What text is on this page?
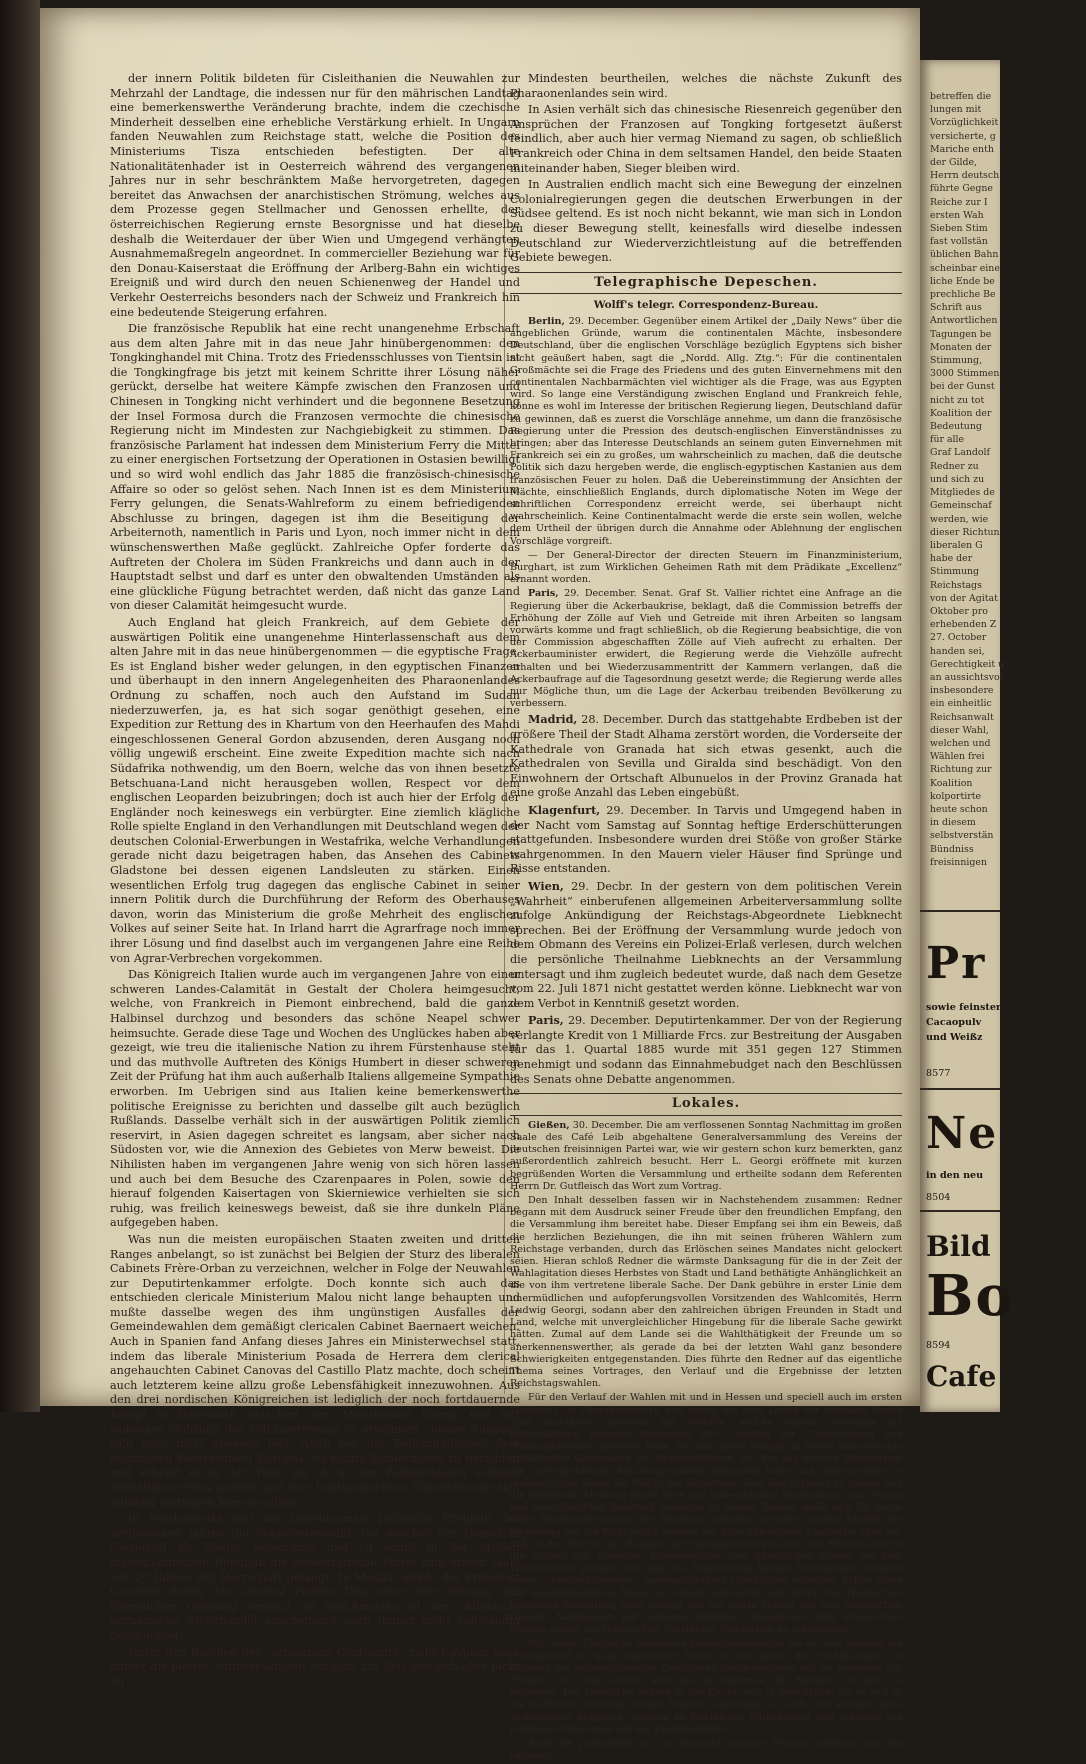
der innern Politik bildeten für Cisleithanien die Neuwahlen zur Mehrzahl der Landtage, die indessen nur für den mährischen Landtag eine bemerkenswerthe Veränderung brachte, indem die czechische Minderheit desselben eine erhebliche Verstärkung erhielt. In Ungarn fanden Neuwahlen zum Reichstage statt, welche die Position des Ministeriums Tisza entschieden befestigten. Der alte Nationalitätenhader ist in Oesterreich während des vergangenen Jahres nur in sehr beschränktem Maße hervorgetreten, dagegen bereitet das Anwachsen der anarchistischen Strömung, welches aus dem Prozesse gegen Stellmacher und Genossen erhellte, der österreichischen Regierung ernste Besorgnisse und hat dieselbe deshalb die Weiterdauer der über Wien und Umgegend verhängten Ausnahmemaßregeln angeordnet. In commercieller Beziehung war für den Donau-Kaiserstaat die Eröffnung der Arlberg-Bahn ein wichtiges Ereigniß und wird durch den neuen Schienenweg der Handel und Verkehr Oesterreichs besonders nach der Schweiz und Frankreich hin eine bedeutende Steigerung erfahren.

Die französische Republik hat eine recht unangenehme Erbschaft aus dem alten Jahre mit in das neue Jahr hinübergenommen: den Tongkinghandel mit China. Trotz des Friedensschlusses von Tientsin ist die Tongkingfrage bis jetzt mit keinem Schritte ihrer Lösung näher gerückt, derselbe hat weitere Kämpfe zwischen den Franzosen und Chinesen in Tongking nicht verhindert und die begonnene Besetzung der Insel Formosa durch die Franzosen vermochte die chinesische Regierung nicht im Mindesten zur Nachgiebigkeit zu stimmen. Das französische Parlament hat indessen dem Ministerium Ferry die Mittel zu einer energischen Fortsetzung der Operationen in Ostasien bewilligt und so wird wohl endlich das Jahr 1885 die französisch-chinesische Affaire so oder so gelöst sehen. Nach Innen ist es dem Ministerium Ferry gelungen, die Senats-Wahlreform zu einem befriedigenden Abschlusse zu bringen, dagegen ist ihm die Beseitigung der Arbeiternoth, namentlich in Paris und Lyon, noch immer nicht in dem wünschenswerthen Maße geglückt. Zahlreiche Opfer forderte das Auftreten der Cholera im Süden Frankreichs und dann auch in der Hauptstadt selbst und darf es unter den obwaltenden Umständen als eine glückliche Fügung betrachtet werden, daß nicht das ganze Land von dieser Calamität heimgesucht wurde.

Auch England hat gleich Frankreich, auf dem Gebiete der auswärtigen Politik eine unangenehme Hinterlassenschaft aus dem alten Jahre mit in das neue hinübergenommen — die egyptische Frage. Es ist England bisher weder gelungen, in den egyptischen Finanzen und überhaupt in den innern Angelegenheiten des Pharaonenlandes Ordnung zu schaffen, noch auch den Aufstand im Sudan niederzuwerfen, ja, es hat sich sogar genöthigt gesehen, eine Expedition zur Rettung des in Khartum von den Heerhaufen des Mahdi eingeschlossenen General Gordon abzusenden, deren Ausgang noch völlig ungewiß erscheint. Eine zweite Expedition machte sich nach Südafrika nothwendig, um den Boern, welche das von ihnen besetzte Betschuana-Land nicht herausgeben wollen, Respect vor dem englischen Leoparden beizubringen; doch ist auch hier der Erfolg der Engländer noch keineswegs ein verbürgter. Eine ziemlich klägliche Rolle spielte England in den Verhandlungen mit Deutschland wegen der deutschen Colonial-Erwerbungen in Westafrika, welche Verhandlungen gerade nicht dazu beigetragen haben, das Ansehen des Cabinets Gladstone bei dessen eigenen Landsleuten zu stärken. Einen wesentlichen Erfolg trug dagegen das englische Cabinet in seiner innern Politik durch die Durchführung der Reform des Oberhauses davon, worin das Ministerium die große Mehrheit des englischen Volkes auf seiner Seite hat. In Irland harrt die Agrarfrage noch immer ihrer Lösung und find daselbst auch im vergangenen Jahre eine Reihe von Agrar-Verbrechen vorgekommen.

Das Königreich Italien wurde auch im vergangenen Jahre von einer schweren Landes-Calamität in Gestalt der Cholera heimgesucht, welche, von Frankreich in Piemont einbrechend, bald die ganze Halbinsel durchzog und besonders das schöne Neapel schwer heimsuchte. Gerade diese Tage und Wochen des Unglückes haben aber gezeigt, wie treu die italienische Nation zu ihrem Fürstenhause steht und das muthvolle Auftreten des Königs Humbert in dieser schweren Zeit der Prüfung hat ihm auch außerhalb Italiens allgemeine Sympathie erworben. Im Uebrigen sind aus Italien keine bemerkenswerthe politische Ereignisse zu berichten und dasselbe gilt auch bezüglich Rußlands. Dasselbe verhält sich in der auswärtigen Politik ziemlich reservirt, in Asien dagegen schreitet es langsam, aber sicher nach Südosten vor, wie die Annexion des Gebietes von Merw beweist. Die Nihilisten haben im vergangenen Jahre wenig von sich hören lassen und auch bei dem Besuche des Czarenpaares in Polen, sowie den hierauf folgenden Kaisertagen von Skierniewice verhielten sie sich ruhig, was freilich keineswegs beweist, daß sie ihre dunkeln Pläne aufgegeben haben.

Was nun die meisten europäischen Staaten zweiten und dritten Ranges anbelangt, so ist zunächst bei Belgien der Sturz des liberalen Cabinets Frère-Orban zu verzeichnen, welcher in Folge der Neuwahlen zur Deputirtenkammer erfolgte. Doch konnte sich auch das entschieden clericale Ministerium Malou nicht lange behaupten und mußte dasselbe wegen des ihm ungünstigen Ausfalles der Gemeindewahlen dem gemäßigt clericalen Cabinet Baernaert weichen. Auch in Spanien fand Anfang dieses Jahres ein Ministerwechsel statt, indem das liberale Ministerium Posada de Herrera dem clerical angehauchten Cabinet Canovas del Castillo Platz machte, doch scheint auch letzterem keine allzu große Lebensfähigkeit innezuwohnen. Aus den drei nordischen Königreichen ist lediglich der noch fortdauernde Kampf in Dänemark zwischen dem Ministerium Estrup und der radicalen Mehrheit der Volksvertretung zu erwähnen, dessen Ausgang sich noch nicht absehen läßt. Auch von der Balkanhalbinsel, dem politischen Wetterwinkel Europas, ist nichts Sonderliches zu berichten und scheint es in der That, als ob in den Balkanstaaten solidere Verhältnisse Platz greifen und ihre buntgemischten Völkerstämme sich allmälig vertragen lernen sollten.

In Nordamerika war das bedeutsamste politische Ereigniß des verflossenen Jahres die Präsidentenwahl, bei welcher der Demokrat Cleveland als Sieger hervorging und ist somit in der großen transatlantischen Republik die demokratische Partei zum ersten Male seit 20 Jahren zur Herrschaft gelangt. In Mexiko wurde der Präsident Gonzales durch den General Porfirio Diaz ohne jede Störung der öffentlichen Ordnung versetzt; in Süd-Amerika ist der chilenisch-peruanische Streithandel anscheinend noch immer nicht vollständig geschlichtet.

Unter den Reichen des „schwarzen Continents“ zieht Egypten noch immer die meiste Aufmerksamkeit auf sich, zur Zeit läßt sich aber nicht im

Mindesten beurtheilen, welches die nächste Zukunft des Pharaonenlandes sein wird.

In Asien verhält sich das chinesische Riesenreich gegenüber den Ansprüchen der Franzosen auf Tongking fortgesetzt äußerst feindlich, aber auch hier vermag Niemand zu sagen, ob schließlich Frankreich oder China in dem seltsamen Handel, den beide Staaten miteinander haben, Sieger bleiben wird.

In Australien endlich macht sich eine Bewegung der einzelnen Colonialregierungen gegen die deutschen Erwerbungen in der Südsee geltend. Es ist noch nicht bekannt, wie man sich in London zu dieser Bewegung stellt, keinesfalls wird dieselbe indessen Deutschland zur Wiederverzichtleistung auf die betreffenden Gebiete bewegen.

Telegraphische Depeschen.
Wolff's telegr. Correspondenz-Bureau.

Berlin, 29. December. Gegenüber einem Artikel der „Daily News“ über die angeblichen Gründe, warum die continentalen Mächte, insbesondere Deutschland, über die englischen Vorschläge bezüglich Egyptens sich bisher nicht geäußert haben, sagt die „Nordd. Allg. Ztg.“: Für die continentalen Großmächte sei die Frage des Friedens und des guten Einvernehmens mit den continentalen Nachbarmächten viel wichtiger als die Frage, was aus Egypten wird. So lange eine Verständigung zwischen England und Frankreich fehle, könne es wohl im Interesse der britischen Regierung liegen, Deutschland dafür zu gewinnen, daß es zuerst die Vorschläge annehme, um dann die französische Regierung unter die Pression des deutsch-englischen Einverständnisses zu bringen; aber das Interesse Deutschlands an seinem guten Einvernehmen mit Frankreich sei ein zu großes, um wahrscheinlich zu machen, daß die deutsche Politik sich dazu hergeben werde, die englisch-egyptischen Kastanien aus dem französischen Feuer zu holen. Daß die Uebereinstimmung der Ansichten der Mächte, einschließlich Englands, durch diplomatische Noten im Wege der schriftlichen Correspondenz erreicht werde, sei überhaupt nicht wahrscheinlich. Keine Continentalmacht werde die erste sein wollen, welche dem Urtheil der übrigen durch die Annahme oder Ablehnung der englischen Vorschläge vorgreift.

— Der General-Director der directen Steuern im Finanzministerium, Burghart, ist zum Wirklichen Geheimen Rath mit dem Prädikate „Excellenz“ ernannt worden.

Paris, 29. December. Senat. Graf St. Vallier richtet eine Anfrage an die Regierung über die Ackerbaukrise, beklagt, daß die Commission betreffs der Erhöhung der Zölle auf Vieh und Getreide mit ihren Arbeiten so langsam vorwärts komme und fragt schließlich, ob die Regierung beabsichtige, die von der Commission abgeschafften Zölle auf Vieh aufrecht zu erhalten. Der Ackerbauminister erwidert, die Regierung werde die Viehzölle aufrecht erhalten und bei Wiederzusammentritt der Kammern verlangen, daß die Ackerbaufrage auf die Tagesordnung gesetzt werde; die Regierung werde alles nur Mögliche thun, um die Lage der Ackerbau treibenden Bevölkerung zu verbessern.

Madrid, 28. December. Durch das stattgehabte Erdbeben ist der größere Theil der Stadt Alhama zerstört worden, die Vorderseite der Kathedrale von Granada hat sich etwas gesenkt, auch die Kathedralen von Sevilla und Giralda sind beschädigt. Von den Einwohnern der Ortschaft Albunuelos in der Provinz Granada hat eine große Anzahl das Leben eingebüßt.

Klagenfurt, 29. December. In Tarvis und Umgegend haben in der Nacht vom Samstag auf Sonntag heftige Erderschütterungen stattgefunden. Insbesondere wurden drei Stöße von großer Stärke wahrgenommen. In den Mauern vieler Häuser find Sprünge und Risse entstanden.

Wien, 29. Decbr. In der gestern von dem politischen Verein „Wahrheit“ einberufenen allgemeinen Arbeiterversammlung sollte zufolge Ankündigung der Reichstags-Abgeordnete Liebknecht sprechen. Bei der Eröffnung der Versammlung wurde jedoch von dem Obmann des Vereins ein Polizei-Erlaß verlesen, durch welchen die persönliche Theilnahme Liebknechts an der Versammlung untersagt und ihm zugleich bedeutet wurde, daß nach dem Gesetze vom 22. Juli 1871 nicht gestattet werden könne. Liebknecht war von dem Verbot in Kenntniß gesetzt worden.

Paris, 29. December. Deputirtenkammer. Der von der Regierung verlangte Kredit von 1 Milliarde Frcs. zur Bestreitung der Ausgaben für das 1. Quartal 1885 wurde mit 351 gegen 127 Stimmen genehmigt und sodann das Einnahmebudget nach den Beschlüssen des Senats ohne Debatte angenommen.

Lokales.

Gießen, 30. December. Die am verflossenen Sonntag Nachmittag im großen Saale des Café Leib abgehaltene Generalversammlung des Vereins der deutschen freisinnigen Partei war, wie wir gestern schon kurz bemerkten, ganz außerordentlich zahlreich besucht. Herr L. Georgi eröffnete mit kurzen begrüßenden Worten die Versammlung und ertheilte sodann dem Referenten Herrn Dr. Gutfleisch das Wort zum Vortrag.

Den Inhalt desselben fassen wir in Nachstehendem zusammen: Redner begann mit dem Ausdruck seiner Freude über den freundlichen Empfang, den die Versammlung ihm bereitet habe. Dieser Empfang sei ihm ein Beweis, daß die herzlichen Beziehungen, die ihn mit seinen früheren Wählern zum Reichstage verbanden, durch das Erlöschen seines Mandates nicht gelockert seien. Hieran schloß Redner die wärmste Danksagung für die in der Zeit der Wahlagitation dieses Herbstes von Stadt und Land bethätigte Anhänglichkeit an die von ihm vertretene liberale Sache. Der Dank gebühre in erster Linie dem unermüdlichen und aufopferungsvollen Vorsitzenden des Wahlcomités, Herrn Ludwig Georgi, sodann aber den zahlreichen übrigen Freunden in Stadt und Land, welche mit unvergleichlicher Hingebung für die liberale Sache gewirkt hätten. Zumal auf dem Lande sei die Wahlthätigkeit der Freunde um so anerkennenswerther, als gerade da bei der letzten Wahl ganz besondere Schwierigkeiten entgegenstanden. Dies führte den Redner auf das eigentliche Thema seines Vortrages, den Verlauf und die Ergebnisse der letzten Reichstagswahlen.

Für den Verlauf der Wahlen mit und in Hessen und speciell auch im ersten Wahlkreis sei charakteristisch und zumal auf dem Lande der liberalen Sache sehr nachtheilig gewesen die Beihilfe, welche unsere derzeitige als nationalliberal geltende Regierung der Coalition der Conservativen und Nationalliberalen geleistet habe. Es liebe diese Beihilfe in einem unangenehm auffallenden Gegensatze zur Unparteilichkeit, mit der das frühere Ministerium die vorhergehenden Reichstagswahlen behandelt habe und widerspreche in bedauerlicher Weise der Pflicht der Regierung, über den Parteien zu stehen und die öffentliche Meinung durch freie und unbeeinflußte Abstimmung zum reinen und unverfälschten Ausdruck gelangen zu lassen. Redner wolle sich für heute einer Beweisantretung in der Richtung enthalten, welcher positive Einfluß der Regierung auf die Wahl geübt worden sei. Eine unleugbare Thatsache aber sei, daß in der Woche des Beginns der Wahlagitation plötzlich ein Flüstern durch die Schaar der Beamten, Bürgermeister und öffentlichen Diener bis zum Flurschützen gezogen sei, daß das Ministerium keinen freisinnigen, sondern einen „staatserhaltenden“ nationalliberalen Candidaten wünsche. Schon diese auf eigenthümlichem Wege in Umlauf gebrachte und durch die Thatsachen bestätigte Andeutung habe genügt, um die ganze Schaar der vom öffentlichen Dienste Abhängigen mit wenigen löblichen Ausnahmen zum intensivsten Kampfe gegen die liberale bez. freisinnige Candidatur zu entflammen.

Mit dieser Thatsache theilweise zusammenhängend sei es, daß diesmal die Geistlichkeit in ganz unerhörter Weise in die Arena des Wahlkampfes zu Gunsten des nationalliberalen Candidaten herabgestiegen sei. Im Interesse der Freiheit der Wahl ebenso sehr als im Interesse der Religion sei dies zu bedauern. Der Geistliche gehöre in die Kirche und in dem Maße, als er sich in die politische Getriebe hinein begebe, entfremde er sich den seinem Amte zustehenden Aufgaben, verliere an kirchlicher Wirksamkeit und schädige die religiösen Interessen auf das Empfindlichste.

Auch die Judenhetze sei zur Schmach unserer Provinz weidlich von den Gegnern

betreffen die
lungen mit
Vorzüglichkeit
versicherte, g
Mariche enth
der Gilde,
Herrn deutsch
führte Gegne
Reiche zur I
ersten Wah
Sieben Stim
fast vollstän
üblichen Bahn
scheinbar eine
liche Ende be
prechliche Be
Schrift aus
Antwortlichen
Tagungen be
Monaten der
Stimmung,
3000 Stimmen
bei der Gunst
nicht zu tot
Koalition der
Bedeutung
für alle
Graf Landolf
Redner zu
und sich zu
Mitgliedes de
Gemeinschaf
werden, wie
dieser Richtun
liberalen G
habe der
Stimmung
Reichstags
von der Agitat
Oktober pro
erhebenden Z
27. October
handen sei,
Gerechtigkeit u
an aussichtsvol
insbesondere
ein einheitlic
Reichsanwalt
dieser Wahl,
welchen und
Wählen frei
Richtung zur
Koalition
kolportirte
heute schon
in diesem
selbstverstän
Bündniss
freisinnigen
Pr
sowie feinster
Cacaopulv
und Weißz
8577
Ne
in den neu
8504
Bild
Bo
8594
Cafe
